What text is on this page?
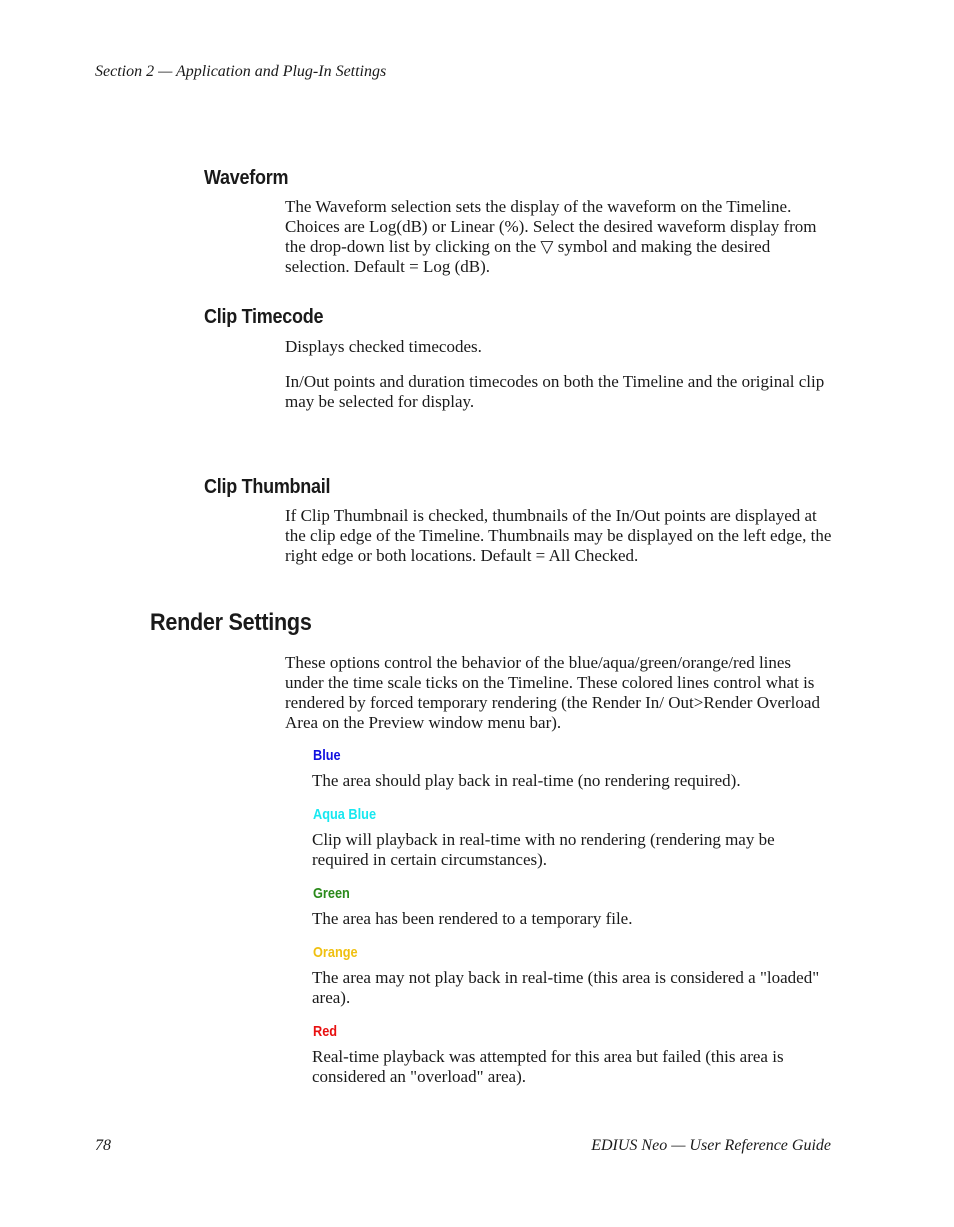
Section 2 — Application and Plug-In Settings
Waveform
The Waveform selection sets the display of the waveform on the Timeline. Choices are Log(dB) or Linear (%). Select the desired waveform display from the drop-down list by clicking on the ▽ symbol and making the desired selection. Default = Log (dB).
Clip Timecode
Displays checked timecodes.
In/Out points and duration timecodes on both the Timeline and the original clip may be selected for display.
Clip Thumbnail
If Clip Thumbnail is checked, thumbnails of the In/Out points are displayed at the clip edge of the Timeline. Thumbnails may be displayed on the left edge, the right edge or both locations. Default = All Checked.
Render Settings
These options control the behavior of the blue/aqua/green/orange/red lines under the time scale ticks on the Timeline. These colored lines control what is rendered by forced temporary rendering (the Render In/ Out>Render Overload Area on the Preview window menu bar).
Blue
The area should play back in real-time (no rendering required).
Aqua Blue
Clip will playback in real-time with no rendering (rendering may be required in certain circumstances).
Green
The area has been rendered to a temporary file.
Orange
The area may not play back in real-time (this area is considered a "loaded" area).
Red
Real-time playback was attempted for this area but failed (this area is considered an "overload" area).
78	EDIUS Neo — User Reference Guide
